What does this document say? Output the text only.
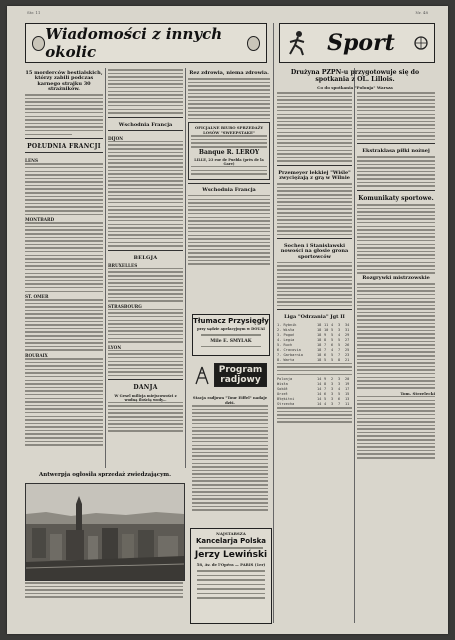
Str. 11	Nr. 48
Wiadomości z innych okolic	Sport
15 morderców bestialskich, którzy zabili podczas karnego strajku 30 strażników.
POŁUDNIA FRANCJI
LENS
MONTBARD
ST. OMER
ROUBAIX
Wschodnia Francja
DIJON
BELGJA
BRUXELLES
STRASBOURG
LYON
DANJA
W Gesel milicja miejscowości z wodną ilością wody...
Rez zdrowia, niema zdrowia.
OFICJALNE BIURO SPRZEDAŻY LOSÓW "SWEEPSTAKE"
Banque R. LEROY
LILLE, 23 rue de Puebla (près de la Gare)
Wschodnia Francja
Tłumacz Przysięgły
przy sądzie apelacyjnym w DOUAI
Mile E. SMYLAK
Program
radjowy
Stacja radjowa "Tour Eiffel" nadaje dziś.
Antwerpja ogłosiła sprzedaż zwiedzającym.
NAJSTARSZA
Kancelarja Polska
Jerzy Lewiński
58, Av. de l'Opéra — PARIS (1er)
Drużyna PZPN-u przygotowuje się do spotkania z OL. Lillois.
Co do spotkania "Polonja" Warsza
Przemeyer lekkiej "Wiśle" zwyciężają z grą w Wilnie
Sochen i Stanislawski nowości na głosie grona sportowców
Liga "Odrzania" Jgt II
1. Rybnik	18 11 4	3	34
2. Wisła	18 10 5	3	31
3. Pogoń	18 9	5	4	29
4. Legia	18 8	5	5	27
5. Ruch	18 7	6	5	26
6. Cracovia	18 7	4	7	25
7. Garbarnia	18 6	5	7	23
8. Warta	18 5	5	8	21
Polonja	14 9	2	3	20
Wisła	14 8	3	3	19
Sokół	14 7	3	4	17
Orzeł	14 6	3	5	15
Błękitni	14 5	3	6	13
Strzecha	14 4	3	7	11
Ekstraklasa piłki nożnej
Komunikaty sportowe.
Rozgrywki mistrzowskie
Tom. Strzelecki
